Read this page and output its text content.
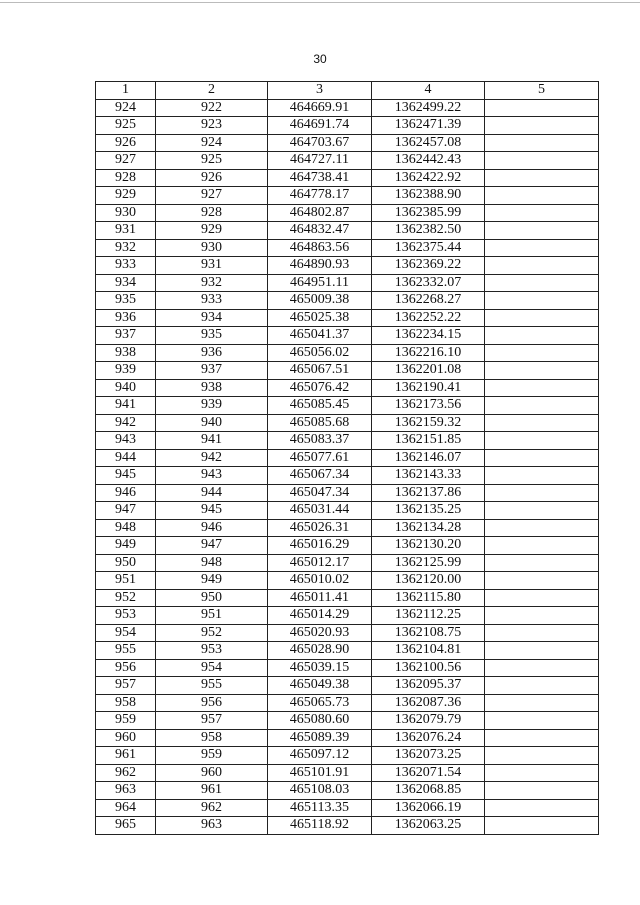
30
1	2	3	4	5
924	922	464669.91	1362499.22	
925	923	464691.74	1362471.39	
926	924	464703.67	1362457.08	
927	925	464727.11	1362442.43	
928	926	464738.41	1362422.92	
929	927	464778.17	1362388.90	
930	928	464802.87	1362385.99	
931	929	464832.47	1362382.50	
932	930	464863.56	1362375.44	
933	931	464890.93	1362369.22	
934	932	464951.11	1362332.07	
935	933	465009.38	1362268.27	
936	934	465025.38	1362252.22	
937	935	465041.37	1362234.15	
938	936	465056.02	1362216.10	
939	937	465067.51	1362201.08	
940	938	465076.42	1362190.41	
941	939	465085.45	1362173.56	
942	940	465085.68	1362159.32	
943	941	465083.37	1362151.85	
944	942	465077.61	1362146.07	
945	943	465067.34	1362143.33	
946	944	465047.34	1362137.86	
947	945	465031.44	1362135.25	
948	946	465026.31	1362134.28	
949	947	465016.29	1362130.20	
950	948	465012.17	1362125.99	
951	949	465010.02	1362120.00	
952	950	465011.41	1362115.80	
953	951	465014.29	1362112.25	
954	952	465020.93	1362108.75	
955	953	465028.90	1362104.81	
956	954	465039.15	1362100.56	
957	955	465049.38	1362095.37	
958	956	465065.73	1362087.36	
959	957	465080.60	1362079.79	
960	958	465089.39	1362076.24	
961	959	465097.12	1362073.25	
962	960	465101.91	1362071.54	
963	961	465108.03	1362068.85	
964	962	465113.35	1362066.19	
965	963	465118.92	1362063.25	
